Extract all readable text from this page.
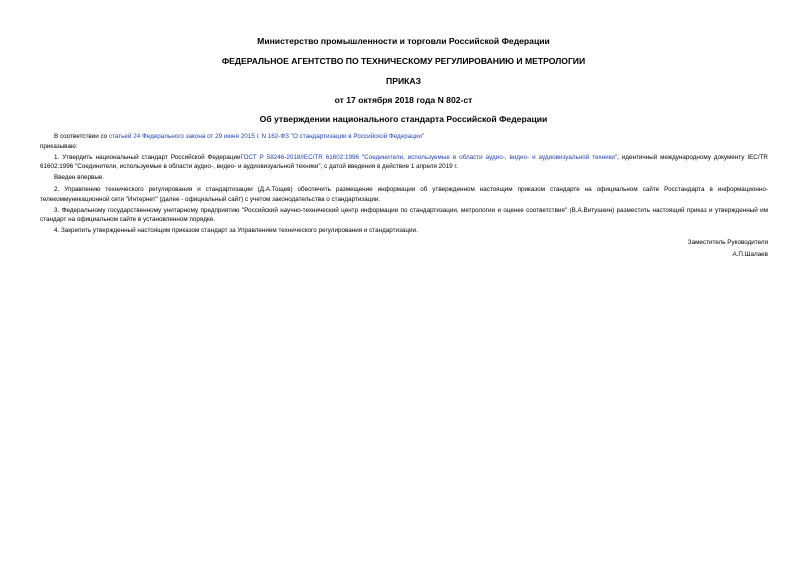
Министерство промышленности и торговли Российской Федерации
ФЕДЕРАЛЬНОЕ АГЕНТСТВО ПО ТЕХНИЧЕСКОМУ РЕГУЛИРОВАНИЮ И МЕТРОЛОГИИ
ПРИКАЗ
от 17 октября 2018 года N 802-ст
Об утверждении национального стандарта Российской Федерации

В соответствии со статьей 24 Федерального закона от 29 июня 2015 г. N 162-ФЗ "О стандартизации в Российской Федерации"

приказываю:

1. Утвердить национальный стандарт Российской ФедерацииГОСТ Р 58246-2018/IEC/TR 61602:1996 "Соединители, используемые в области аудио-, видео- и аудиовизуальной техники", идентичный международному документу IEC/TR 61602:1996 "Соединители, используемые в области аудио-, видео- и аудиовизуальной техники", с датой введения в действие 1 апреля 2019 г.

Введен впервые.

2. Управлению технического регулирования и стандартизации (Д.А.Тощев) обеспечить размещение информации об утвержденном настоящим приказом стандарте на официальном сайте Росстандарта в информационно-телекоммуникационной сети "Интернет" (далее - официальный сайт) с учетом законодательства о стандартизации.

3. Федеральному государственному унитарному предприятию "Российский научно-технический центр информации по стандартизации, метрологии и оценке соответствия" (В.А.Витушкин) разместить настоящий приказ и утвержденный им стандарт на официальном сайте в установленном порядке.

4. Закрепить утвержденный настоящим приказом стандарт за Управлением технического регулирования и стандартизации.

Заместитель Руководителя
А.П.Шалаев
